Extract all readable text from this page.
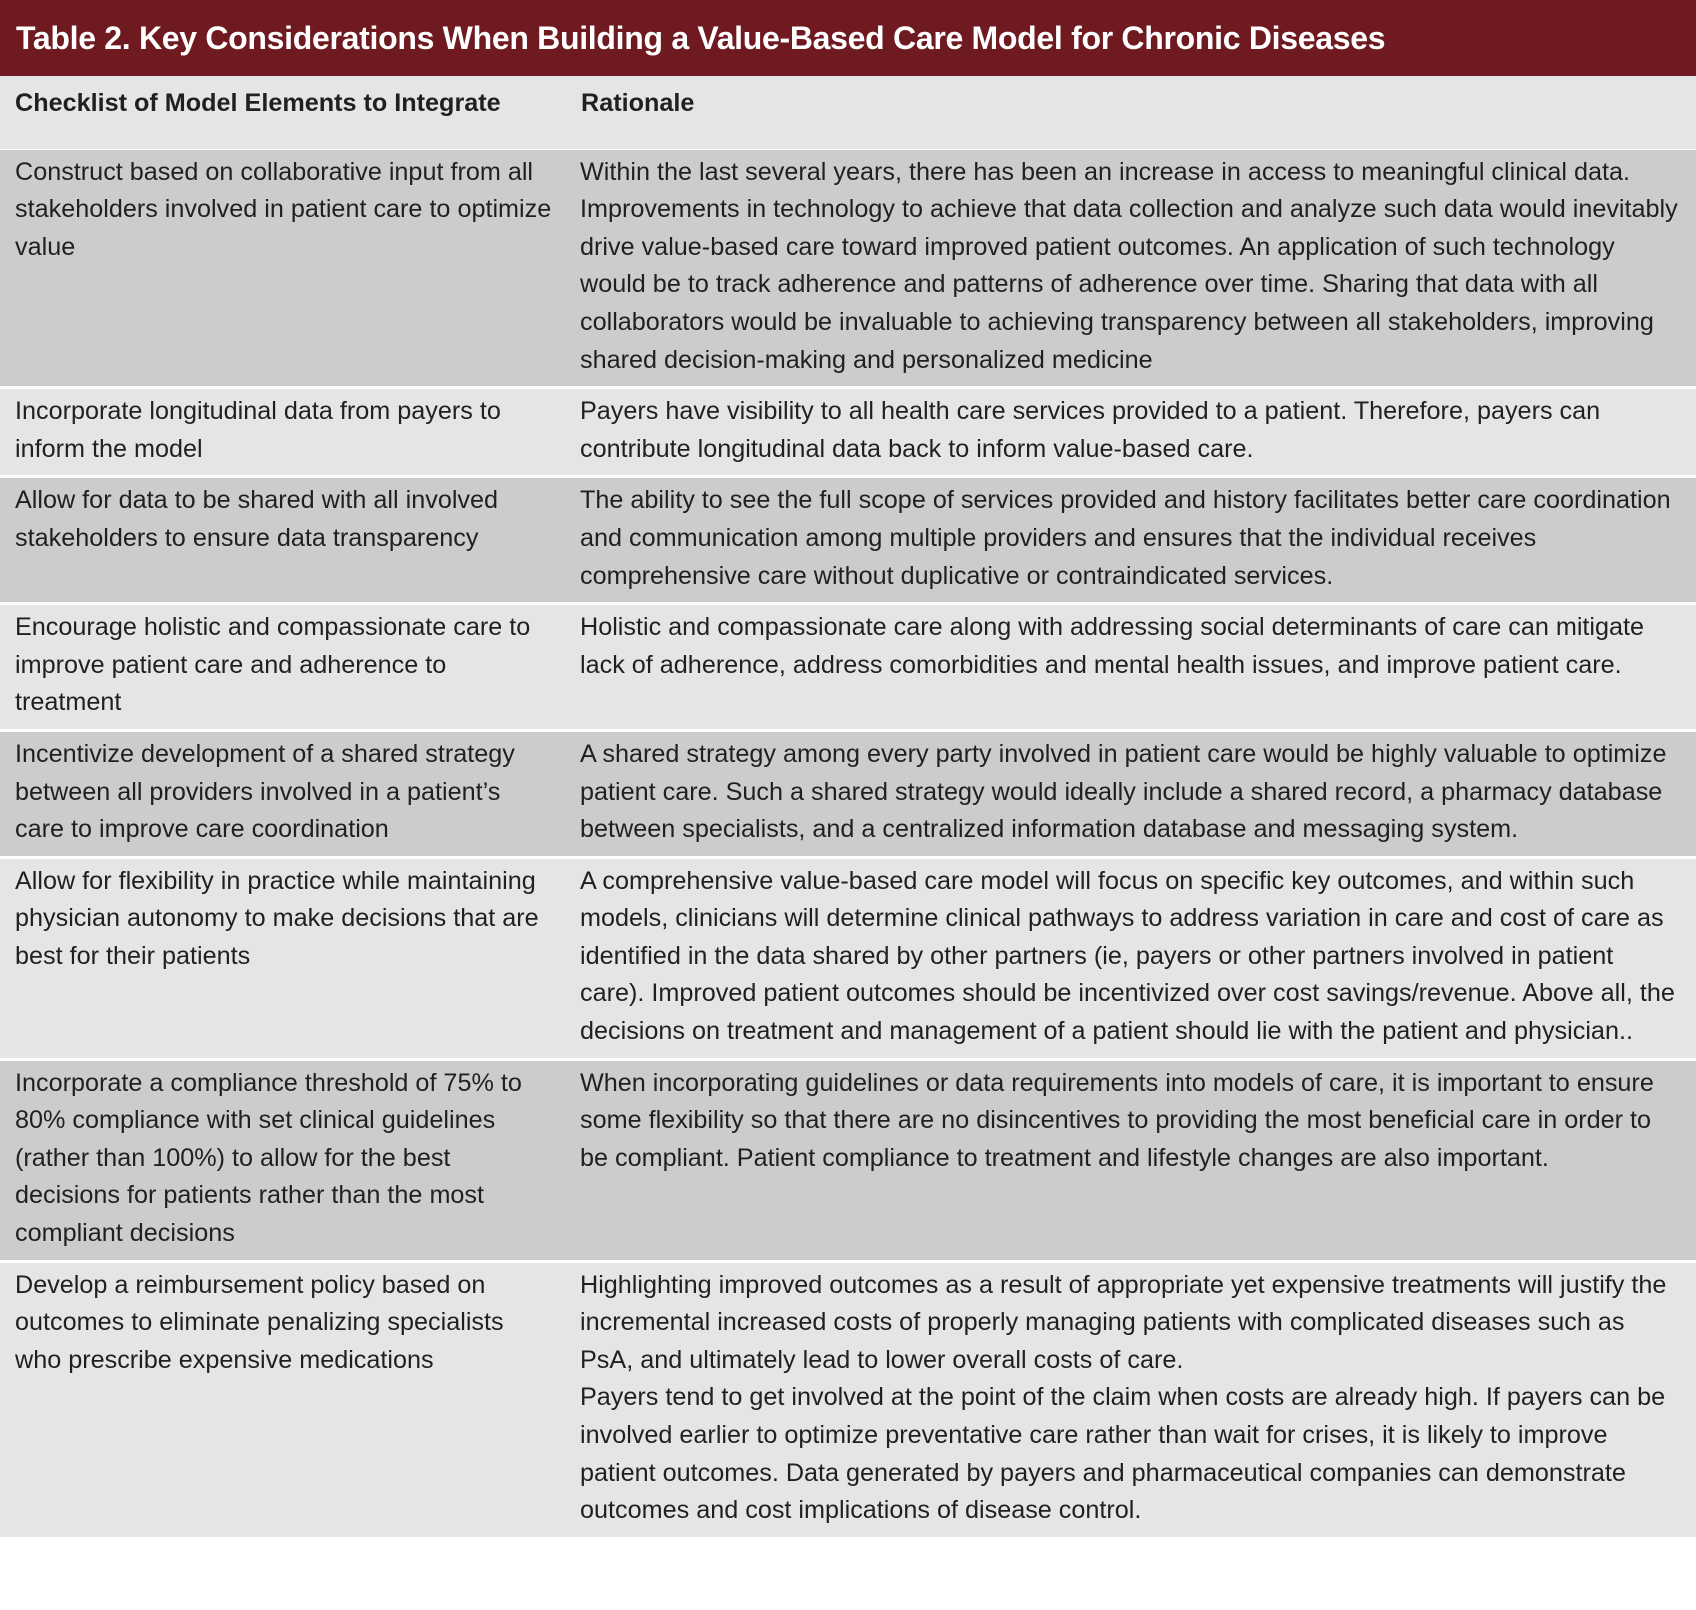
Table 2. Key Considerations When Building a Value-Based Care Model for Chronic Diseases
Checklist of Model Elements to Integrate	Rationale

Construct based on collaborative input from all stakeholders involved in patient care to optimize value	Within the last several years, there has been an increase in access to meaningful clinical data. Improvements in technology to achieve that data collection and analyze such data would inevitably drive value-based care toward improved patient outcomes. An application of such technology would be to track adherence and patterns of adherence over time. Sharing that data with all collaborators would be invaluable to achieving transparency between all stakeholders, improving shared decision-making and personalized medicine

Incorporate longitudinal data from payers to inform the model	Payers have visibility to all health care services provided to a patient. Therefore, payers can contribute longitudinal data back to inform value-based care.

Allow for data to be shared with all involved stakeholders to ensure data transparency	The ability to see the full scope of services provided and history facilitates better care coordination and communication among multiple providers and ensures that the individual receives comprehensive care without duplicative or contraindicated services.

Encourage holistic and compassionate care to improve patient care and adherence to treatment	Holistic and compassionate care along with addressing social determinants of care can mitigate lack of adherence, address comorbidities and mental health issues, and improve patient care.

Incentivize development of a shared strategy between all providers involved in a patient’s care to improve care coordination	A shared strategy among every party involved in patient care would be highly valuable to optimize patient care. Such a shared strategy would ideally include a shared record, a pharmacy database between specialists, and a centralized information database and messaging system.

Allow for flexibility in practice while maintaining physician autonomy to make decisions that are best for their patients	A comprehensive value-based care model will focus on specific key outcomes, and within such models, clinicians will determine clinical pathways to address variation in care and cost of care as identified in the data shared by other partners (ie, payers or other partners involved in patient care). Improved patient outcomes should be incentivized over cost savings/revenue. Above all, the decisions on treatment and management of a patient should lie with the patient and physician..

Incorporate a compliance threshold of 75% to 80% compliance with set clinical guidelines (rather than 100%) to allow for the best decisions for patients rather than the most compliant decisions	When incorporating guidelines or data requirements into models of care, it is important to ensure some flexibility so that there are no disincentives to providing the most beneficial care in order to be compliant. Patient compliance to treatment and lifestyle changes are also important.

Develop a reimbursement policy based on outcomes to eliminate penalizing specialists who prescribe expensive medications	Highlighting improved outcomes as a result of appropriate yet expensive treatments will justify the incremental increased costs of properly managing patients with complicated diseases such as PsA, and ultimately lead to lower overall costs of care.
Payers tend to get involved at the point of the claim when costs are already high. If payers can be involved earlier to optimize preventative care rather than wait for crises, it is likely to improve patient outcomes. Data generated by payers and pharmaceutical companies can demonstrate outcomes and cost implications of disease control.
